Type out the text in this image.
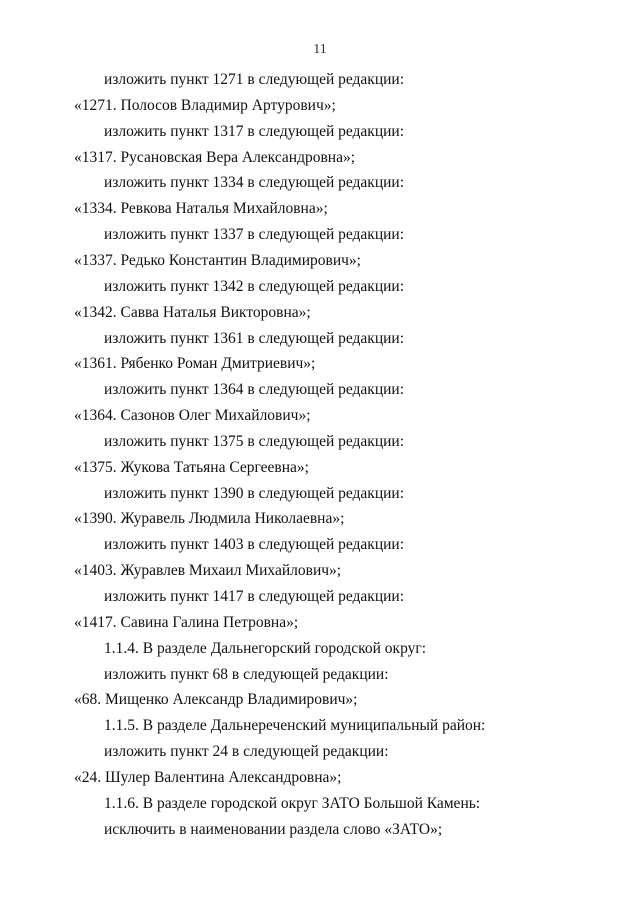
11
изложить пункт 1271 в следующей редакции:
«1271. Полосов Владимир Артурович»;
изложить пункт 1317 в следующей редакции:
«1317. Русановская Вера Александровна»;
изложить пункт 1334 в следующей редакции:
«1334. Ревкова Наталья Михайловна»;
изложить пункт 1337 в следующей редакции:
«1337. Редько Константин Владимирович»;
изложить пункт 1342 в следующей редакции:
«1342. Савва Наталья Викторовна»;
изложить пункт 1361 в следующей редакции:
«1361. Рябенко Роман Дмитриевич»;
изложить пункт 1364 в следующей редакции:
«1364. Сазонов Олег Михайлович»;
изложить пункт 1375 в следующей редакции:
«1375. Жукова Татьяна Сергеевна»;
изложить пункт 1390 в следующей редакции:
«1390. Журавель Людмила Николаевна»;
изложить пункт 1403 в следующей редакции:
«1403. Журавлев Михаил Михайлович»;
изложить пункт 1417 в следующей редакции:
«1417. Савина Галина Петровна»;
1.1.4. В разделе Дальнегорский городской округ:
изложить пункт 68 в следующей редакции:
«68. Мищенко Александр Владимирович»;
1.1.5. В разделе Дальнереченский муниципальный район:
изложить пункт 24 в следующей редакции:
«24. Шулер Валентина Александровна»;
1.1.6. В разделе городской округ ЗАТО Большой Камень:
исключить в наименовании раздела слово «ЗАТО»;
